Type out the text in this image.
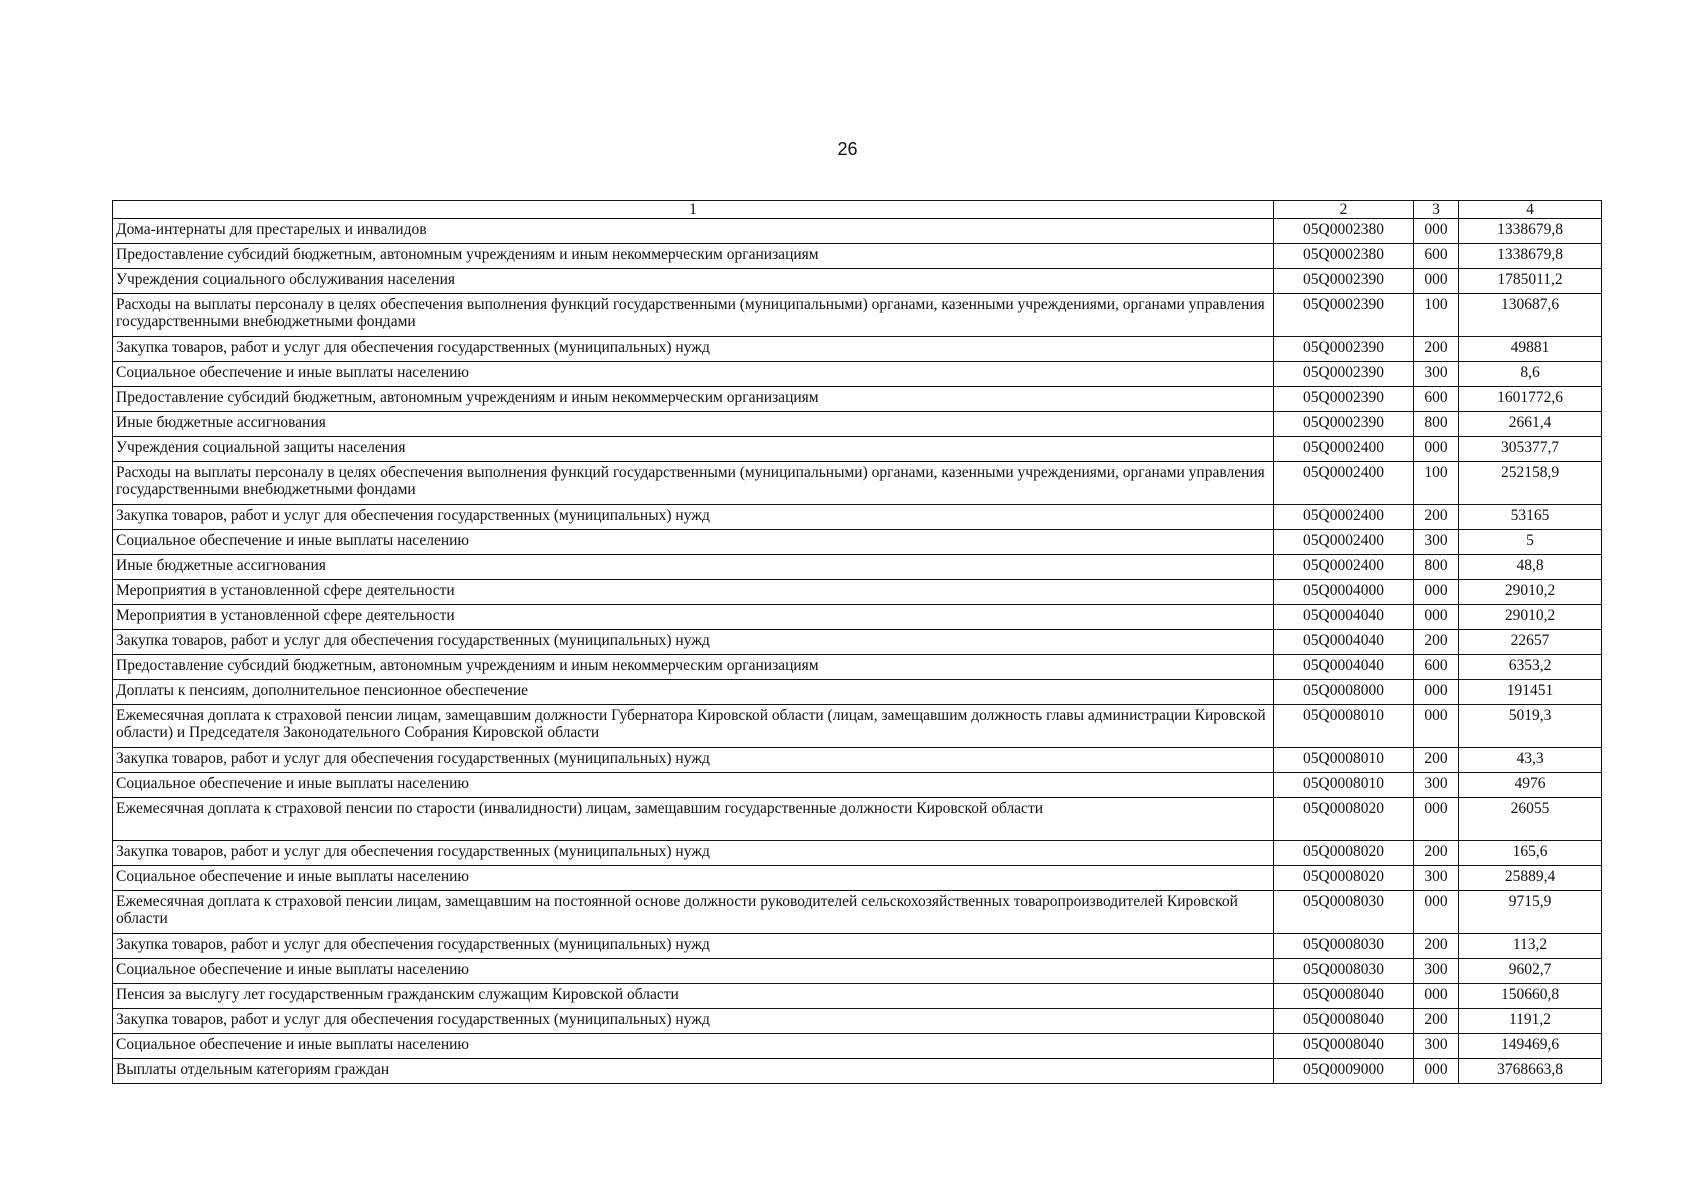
26
1	2	3	4
Дома-интернаты для престарелых и инвалидов	05Q0002380	000	1338679,8
Предоставление субсидий бюджетным, автономным учреждениям и иным некоммерческим организациям	05Q0002380	600	1338679,8
Учреждения социального обслуживания населения	05Q0002390	000	1785011,2
Расходы на выплаты персоналу в целях обеспечения выполнения функций государственными (муниципальными) органами, казенными учреждениями, органами управления государственными внебюджетными фондами	05Q0002390	100	130687,6
Закупка товаров, работ и услуг для обеспечения государственных (муниципальных) нужд	05Q0002390	200	49881
Социальное обеспечение и иные выплаты населению	05Q0002390	300	8,6
Предоставление субсидий бюджетным, автономным учреждениям и иным некоммерческим организациям	05Q0002390	600	1601772,6
Иные бюджетные ассигнования	05Q0002390	800	2661,4
Учреждения социальной защиты населения	05Q0002400	000	305377,7
Расходы на выплаты персоналу в целях обеспечения выполнения функций государственными (муниципальными) органами, казенными учреждениями, органами управления государственными внебюджетными фондами	05Q0002400	100	252158,9
Закупка товаров, работ и услуг для обеспечения государственных (муниципальных) нужд	05Q0002400	200	53165
Социальное обеспечение и иные выплаты населению	05Q0002400	300	5
Иные бюджетные ассигнования	05Q0002400	800	48,8
Мероприятия в установленной сфере деятельности	05Q0004000	000	29010,2
Мероприятия в установленной сфере деятельности	05Q0004040	000	29010,2
Закупка товаров, работ и услуг для обеспечения государственных (муниципальных) нужд	05Q0004040	200	22657
Предоставление субсидий бюджетным, автономным учреждениям и иным некоммерческим организациям	05Q0004040	600	6353,2
Доплаты к пенсиям, дополнительное пенсионное обеспечение	05Q0008000	000	191451
Ежемесячная доплата к страховой пенсии лицам, замещавшим должности Губернатора Кировской области (лицам, замещавшим должность главы администрации Кировской области) и Председателя Законодательного Собрания Кировской области	05Q0008010	000	5019,3
Закупка товаров, работ и услуг для обеспечения государственных (муниципальных) нужд	05Q0008010	200	43,3
Социальное обеспечение и иные выплаты населению	05Q0008010	300	4976
Ежемесячная доплата к страховой пенсии по старости (инвалидности) лицам, замещавшим государственные должности Кировской области	05Q0008020	000	26055
Закупка товаров, работ и услуг для обеспечения государственных (муниципальных) нужд	05Q0008020	200	165,6
Социальное обеспечение и иные выплаты населению	05Q0008020	300	25889,4
Ежемесячная доплата к страховой пенсии лицам, замещавшим на постоянной основе должности руководителей сельскохозяйственных товаропроизводителей Кировской области	05Q0008030	000	9715,9
Закупка товаров, работ и услуг для обеспечения государственных (муниципальных) нужд	05Q0008030	200	113,2
Социальное обеспечение и иные выплаты населению	05Q0008030	300	9602,7
Пенсия за выслугу лет государственным гражданским служащим Кировской области	05Q0008040	000	150660,8
Закупка товаров, работ и услуг для обеспечения государственных (муниципальных) нужд	05Q0008040	200	1191,2
Социальное обеспечение и иные выплаты населению	05Q0008040	300	149469,6
Выплаты отдельным категориям граждан	05Q0009000	000	3768663,8
